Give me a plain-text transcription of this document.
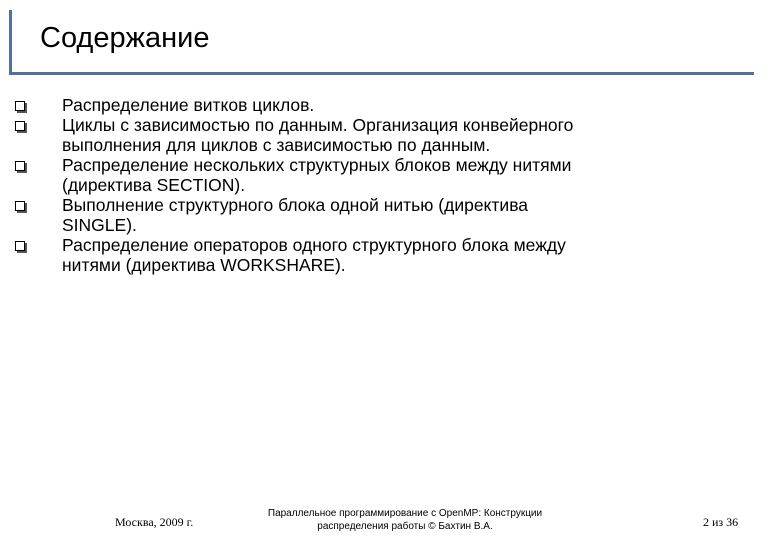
Содержание
Распределение витков циклов.
Циклы с зависимостью по данным. Организация конвейерного
выполнения для циклов с зависимостью по данным.
Распределение нескольких структурных блоков между нитями
(директива SECTION).
Выполнение структурного блока одной нитью (директива
SINGLE).
Распределение операторов одного структурного блока между
нитями (директива WORKSHARE).
Москва, 2009 г.
Параллельное программирование с OpenMP: Конструкции
распределения работы © Бахтин В.А.	2 из 36
